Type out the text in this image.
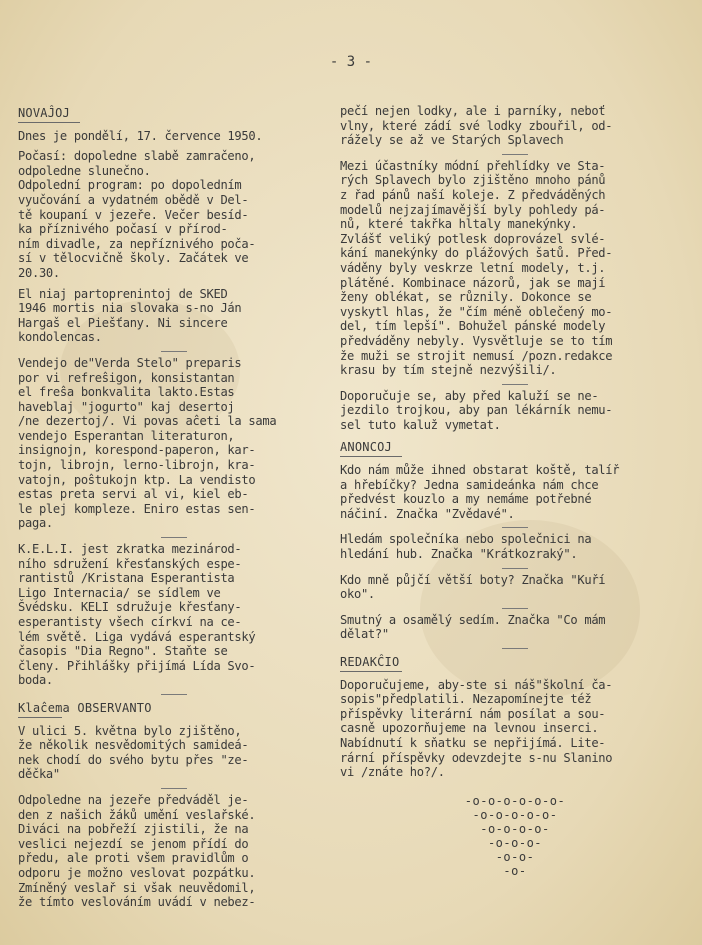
- 3 -
NOVAĴOJ
Dnes je pondělí, 17. července 1950.
Počasí: dopoledne slabě zamračeno,
odpoledne slunečno.
Odpolední program: po dopoledním
vyučování a vydatném obědě v Del-
tě koupaní v jezeře. Večer besíd-
ka příznivého počasí v přírod-
ním divadle, za nepříznivého poča-
sí v tělocvičně školy. Začátek ve
20.30.
El niaj partoprenintoj de SKED
1946 mortis nia slovaka s-no Ján
Hargaš el Piešťany. Ni sincere
kondolencas.
Vendejo de"Verda Stelo" preparis
por vi refreŝigon, konsistantan
el freŝa bonkvalita lakto.Estas
haveblaj "jogurto" kaj desertoj
/ne dezertoj/. Vi povas aĉeti la sama
vendejo Esperantan literaturon,
insignojn, korespond-paperon, kar-
tojn, librojn, lerno-librojn, kra-
vatojn, poŝtukojn ktp. La vendisto
estas preta servi al vi, kiel eb-
le plej kompleze. Eniro estas sen-
paga.
K.E.L.I. jest zkratka mezinárod-
ního sdružení křesťanských espe-
rantistů /Kristana Esperantista
Ligo Internacia/ se sídlem ve
Švédsku. KELI sdružuje křesťany-
esperantisty všech církví na ce-
lém světě. Liga vydává esperantský
časopis "Dia Regno". Staňte se
členy. Přihlášky přijímá Lída Svo-
boda.
Klaĉema OBSERVANTO
V ulici 5. května bylo zjištěno,
že několik nesvědomitých samideá-
nek chodí do svého bytu přes "ze-
děčka"
Odpoledne na jezeře předváděl je-
den z našich žáků umění veslařské.
Diváci na pobřeží zjistili, že na
veslici nejezdí se jenom přídí do
předu, ale proti všem pravidlům o
odporu je možno veslovat pozpátku.
Zmíněný veslař si však neuvědomil,
že tímto veslováním uvádí v nebez-
pečí nejen lodky, ale i parníky, neboť
vlny, které zádí své lodky zbouřil, od-
rážely se až ve Starých Splavech
Mezi účastníky módní přehlídky ve Sta-
rých Splavech bylo zjištěno mnoho pánů
z řad pánů naší koleje. Z předváděných
modelů nejzajímavější byly pohledy pá-
nů, které takřka hltaly manekýnky.
Zvlášť veliký potlesk doprovázel svlé-
kání manekýnky do plážových šatů. Před-
váděny byly veskrze letní modely, t.j.
plátěné. Kombinace názorů, jak se mají
ženy oblékat, se různily. Dokonce se
vyskytl hlas, že "čím méně oblečený mo-
del, tím lepší". Bohužel pánské modely
předváděny nebyly. Vysvětluje se to tím
že muži se strojit nemusí /pozn.redakce
krasu by tím stejně nezvýšili/.
Doporučuje se, aby před kaluží se ne-
jezdilo trojkou, aby pan lékárník nemu-
sel tuto kaluž vymetat.
ANONCOJ
Kdo nám může ihned obstarat koště, talíř
a hřebíčky? Jedna samideánka nám chce
předvést kouzlo a my nemáme potřebné
náčiní. Značka "Zvědavé".
Hledám společníka nebo společnici na
hledání hub. Značka "Krátkozraký".
Kdo mně půjčí větší boty? Značka "Kuří
oko".
Smutný a osamělý sedím. Značka "Co mám
dělat?"
REDAKĈIO
Doporučujeme, aby-ste si náš"školní ča-
sopis"předplatili. Nezapomínejte též
příspěvky literární nám posílat a sou-
casně upozorňujeme na levnou inserci.
Nabídnutí k sňatku se nepřijímá. Lite-
rární příspěvky odevzdejte s-nu Slanino
vi /znáte ho?/.
-o-o-o-o-o-o-
-o-o-o-o-o-
-o-o-o-o-
-o-o-o-
-o-o-
-o-
